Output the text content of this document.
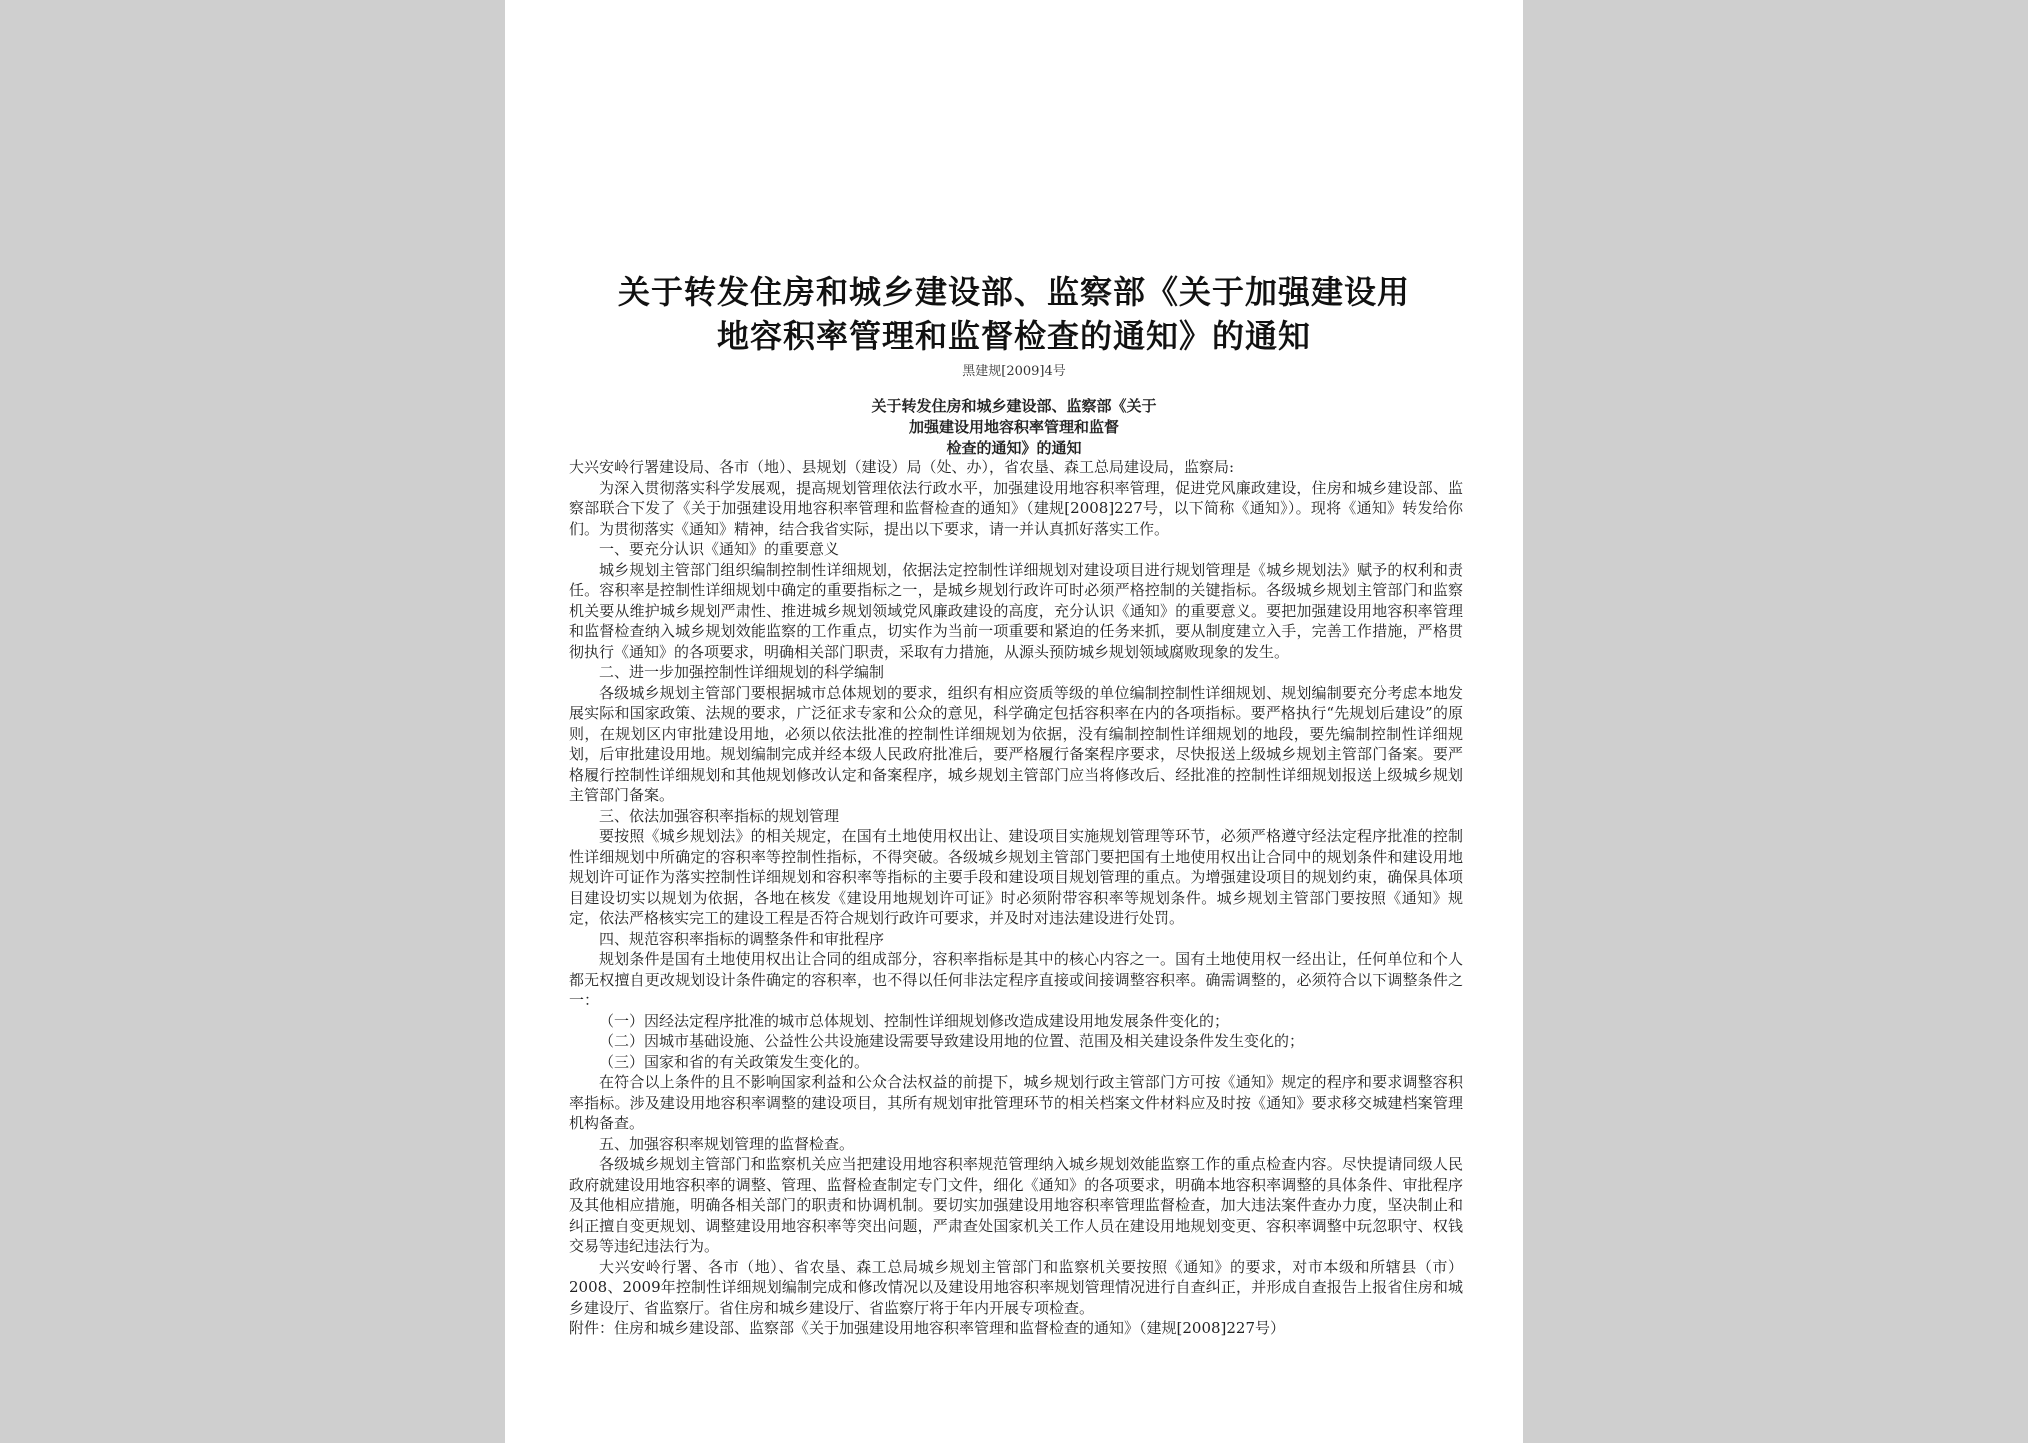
关于转发住房和城乡建设部、监察部《关于加强建设用
地容积率管理和监督检查的通知》的通知
黑建规[2009]4号
关于转发住房和城乡建设部、监察部《关于
加强建设用地容积率管理和监督
检查的通知》的通知

大兴安岭行署建设局、各市（地）、县规划（建设）局（处、办），省农垦、森工总局建设局，监察局:

为深入贯彻落实科学发展观，提高规划管理依法行政水平，加强建设用地容积率管理，促进党风廉政建设，住房和城乡建设部、监察部联合下发了《关于加强建设用地容积率管理和监督检查的通知》（建规[2008]227号，以下简称《通知》）。现将《通知》转发给你们。为贯彻落实《通知》精神，结合我省实际，提出以下要求，请一并认真抓好落实工作。

一、要充分认识《通知》的重要意义

城乡规划主管部门组织编制控制性详细规划，依据法定控制性详细规划对建设项目进行规划管理是《城乡规划法》赋予的权利和责任。容积率是控制性详细规划中确定的重要指标之一，是城乡规划行政许可时必须严格控制的关键指标。各级城乡规划主管部门和监察机关要从维护城乡规划严肃性、推进城乡规划领域党风廉政建设的高度，充分认识《通知》的重要意义。要把加强建设用地容积率管理和监督检查纳入城乡规划效能监察的工作重点，切实作为当前一项重要和紧迫的任务来抓，要从制度建立入手，完善工作措施，严格贯彻执行《通知》的各项要求，明确相关部门职责，采取有力措施，从源头预防城乡规划领域腐败现象的发生。

二、进一步加强控制性详细规划的科学编制

各级城乡规划主管部门要根据城市总体规划的要求，组织有相应资质等级的单位编制控制性详细规划、规划编制要充分考虑本地发展实际和国家政策、法规的要求，广泛征求专家和公众的意见，科学确定包括容积率在内的各项指标。要严格执行“先规划后建设”的原则，在规划区内审批建设用地，必须以依法批准的控制性详细规划为依据，没有编制控制性详细规划的地段，要先编制控制性详细规划，后审批建设用地。规划编制完成并经本级人民政府批准后，要严格履行备案程序要求，尽快报送上级城乡规划主管部门备案。要严格履行控制性详细规划和其他规划修改认定和备案程序，城乡规划主管部门应当将修改后、经批准的控制性详细规划报送上级城乡规划主管部门备案。

三、依法加强容积率指标的规划管理

要按照《城乡规划法》的相关规定，在国有土地使用权出让、建设项目实施规划管理等环节，必须严格遵守经法定程序批准的控制性详细规划中所确定的容积率等控制性指标，不得突破。各级城乡规划主管部门要把国有土地使用权出让合同中的规划条件和建设用地规划许可证作为落实控制性详细规划和容积率等指标的主要手段和建设项目规划管理的重点。为增强建设项目的规划约束，确保具体项目建设切实以规划为依据，各地在核发《建设用地规划许可证》时必须附带容积率等规划条件。城乡规划主管部门要按照《通知》规定，依法严格核实完工的建设工程是否符合规划行政许可要求，并及时对违法建设进行处罚。

四、规范容积率指标的调整条件和审批程序

规划条件是国有土地使用权出让合同的组成部分，容积率指标是其中的核心内容之一。国有土地使用权一经出让，任何单位和个人都无权擅自更改规划设计条件确定的容积率，也不得以任何非法定程序直接或间接调整容积率。确需调整的，必须符合以下调整条件之一：

（一）因经法定程序批准的城市总体规划、控制性详细规划修改造成建设用地发展条件变化的；

（二）因城市基础设施、公益性公共设施建设需要导致建设用地的位置、范围及相关建设条件发生变化的；

（三）国家和省的有关政策发生变化的。

在符合以上条件的且不影响国家利益和公众合法权益的前提下，城乡规划行政主管部门方可按《通知》规定的程序和要求调整容积率指标。涉及建设用地容积率调整的建设项目，其所有规划审批管理环节的相关档案文件材料应及时按《通知》要求移交城建档案管理机构备查。

五、加强容积率规划管理的监督检查。

各级城乡规划主管部门和监察机关应当把建设用地容积率规范管理纳入城乡规划效能监察工作的重点检查内容。尽快提请同级人民政府就建设用地容积率的调整、管理、监督检查制定专门文件，细化《通知》的各项要求，明确本地容积率调整的具体条件、审批程序及其他相应措施，明确各相关部门的职责和协调机制。要切实加强建设用地容积率管理监督检查，加大违法案件查办力度，坚决制止和纠正擅自变更规划、调整建设用地容积率等突出问题，严肃查处国家机关工作人员在建设用地规划变更、容积率调整中玩忽职守、权钱交易等违纪违法行为。

大兴安岭行署、各市（地）、省农垦、森工总局城乡规划主管部门和监察机关要按照《通知》的要求，对市本级和所辖县（市）2008、2009年控制性详细规划编制完成和修改情况以及建设用地容积率规划管理情况进行自查纠正，并形成自查报告上报省住房和城乡建设厅、省监察厅。省住房和城乡建设厅、省监察厅将于年内开展专项检查。

附件：住房和城乡建设部、监察部《关于加强建设用地容积率管理和监督检查的通知》（建规[2008]227号）
